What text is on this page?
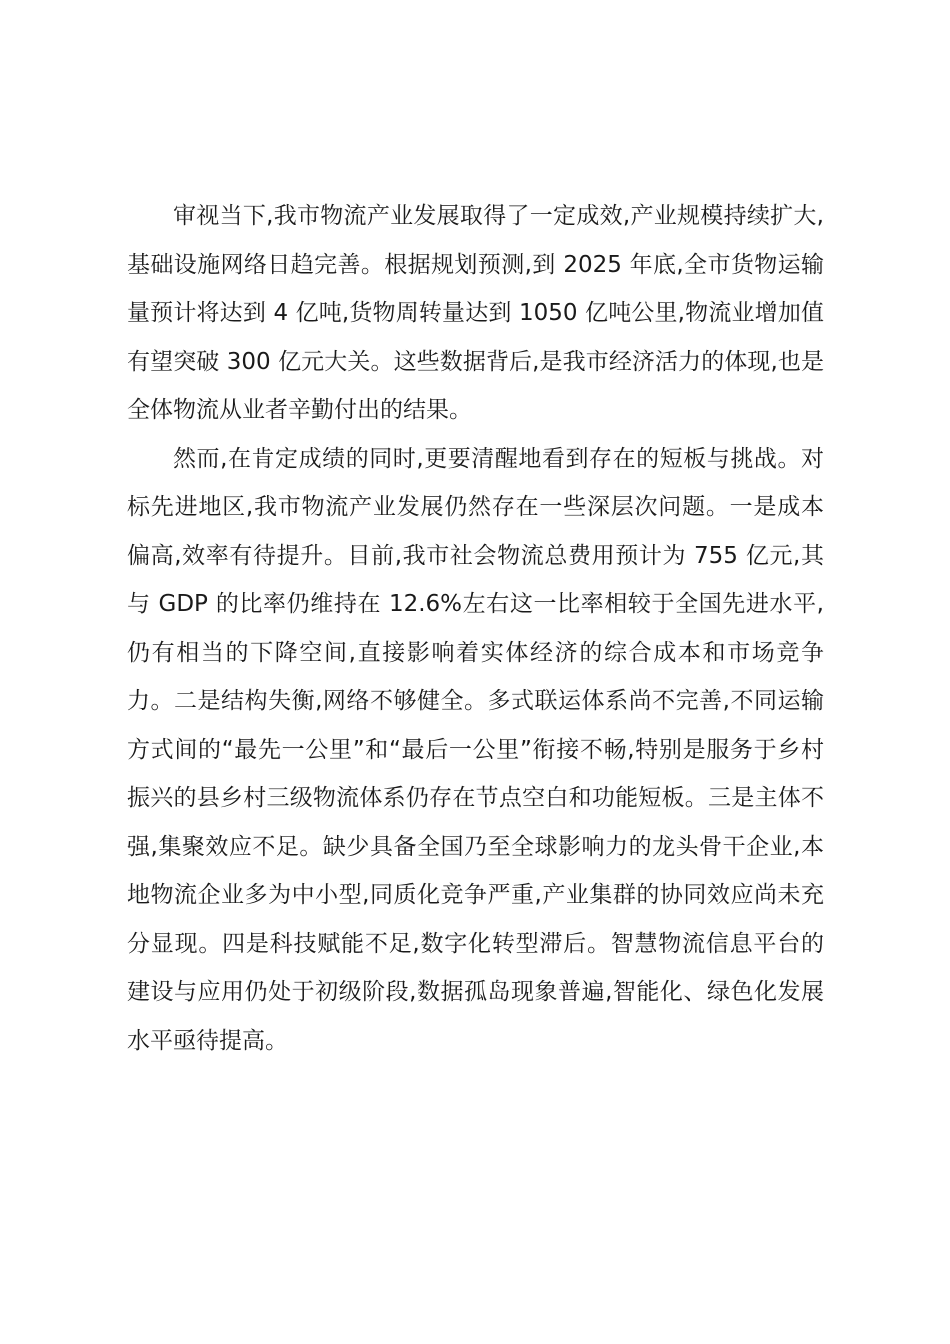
审视当下,我市物流产业发展取得了一定成效,产业规模持续扩大,基础设施网络日趋完善。根据规划预测,到 2025 年底,全市货物运输量预计将达到 4 亿吨,货物周转量达到 1050 亿吨公里,物流业增加值有望突破 300 亿元大关。这些数据背后,是我市经济活力的体现,也是全体物流从业者辛勤付出的结果。

然而,在肯定成绩的同时,更要清醒地看到存在的短板与挑战。对标先进地区,我市物流产业发展仍然存在一些深层次问题。一是成本偏高,效率有待提升。目前,我市社会物流总费用预计为 755 亿元,其与 GDP 的比率仍维持在 12.6%左右这一比率相较于全国先进水平,仍有相当的下降空间,直接影响着实体经济的综合成本和市场竞争力。二是结构失衡,网络不够健全。多式联运体系尚不完善,不同运输方式间的“最先一公里”和“最后一公里”衔接不畅,特别是服务于乡村振兴的县乡村三级物流体系仍存在节点空白和功能短板。三是主体不强,集聚效应不足。缺少具备全国乃至全球影响力的龙头骨干企业,本地物流企业多为中小型,同质化竞争严重,产业集群的协同效应尚未充分显现。四是科技赋能不足,数字化转型滞后。智慧物流信息平台的建设与应用仍处于初级阶段,数据孤岛现象普遍,智能化、绿色化发展水平亟待提高。
